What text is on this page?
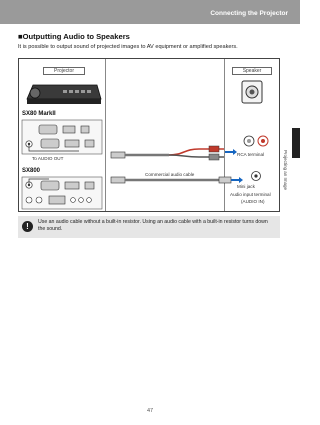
Connecting the Projector
Projecting an Image
■Outputting Audio to Speakers
It is possible to output sound of projected images to AV equipment or amplified speakers.
Projector	Speaker
SX80 MarkII
To AUDIO OUT
SX800
RCA terminal
Mini jack
Commercial audio cable
Audio input terminal
(AUDIO IN)
!	Use an audio cable without a built-in resistor. Using an audio cable with a built-in resistor turns down the sound.
47
